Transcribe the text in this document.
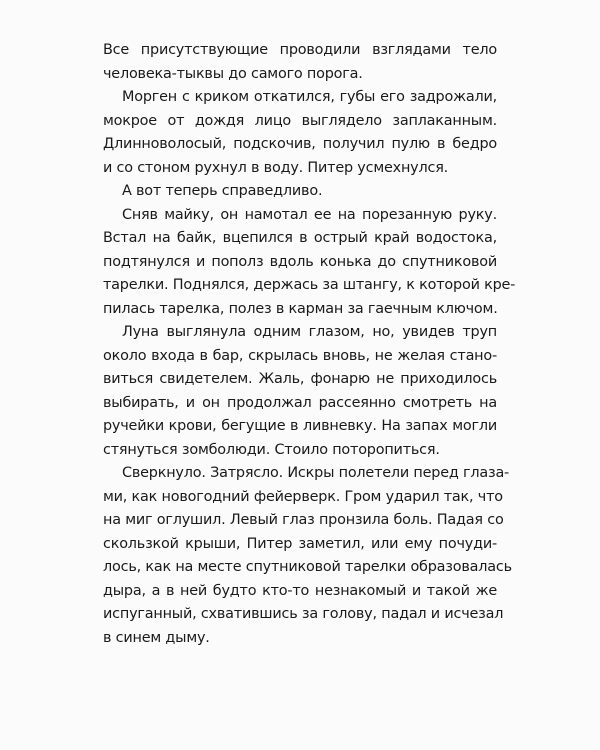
Все присутствующие проводили взглядами тело
человека-тыквы до самого порога.
Морген с криком откатился, губы его задрожали,
мокрое от дождя лицо выглядело заплаканным.
Длинноволосый, подскочив, получил пулю в бедро
и со стоном рухнул в воду. Питер усмехнулся.
А вот теперь справедливо.
Сняв майку, он намотал ее на порезанную руку.
Встал на байк, вцепился в острый край водостока,
подтянулся и пополз вдоль конька до спутниковой
тарелки. Поднялся, держась за штангу, к которой кре-
пилась тарелка, полез в карман за гаечным ключом.
Луна выглянула одним глазом, но, увидев труп
около входа в бар, скрылась вновь, не желая стано-
виться свидетелем. Жаль, фонарю не приходилось
выбирать, и он продолжал рассеянно смотреть на
ручейки крови, бегущие в ливневку. На запах могли
стянуться зомболюди. Стоило поторопиться.
Сверкнуло. Затрясло. Искры полетели перед глаза-
ми, как новогодний фейерверк. Гром ударил так, что
на миг оглушил. Левый глаз пронзила боль. Падая со
скользкой крыши, Питер заметил, или ему почуди-
лось, как на месте спутниковой тарелки образовалась
дыра, а в ней будто кто-то незнакомый и такой же
испуганный, схватившись за голову, падал и исчезал
в синем дыму.
